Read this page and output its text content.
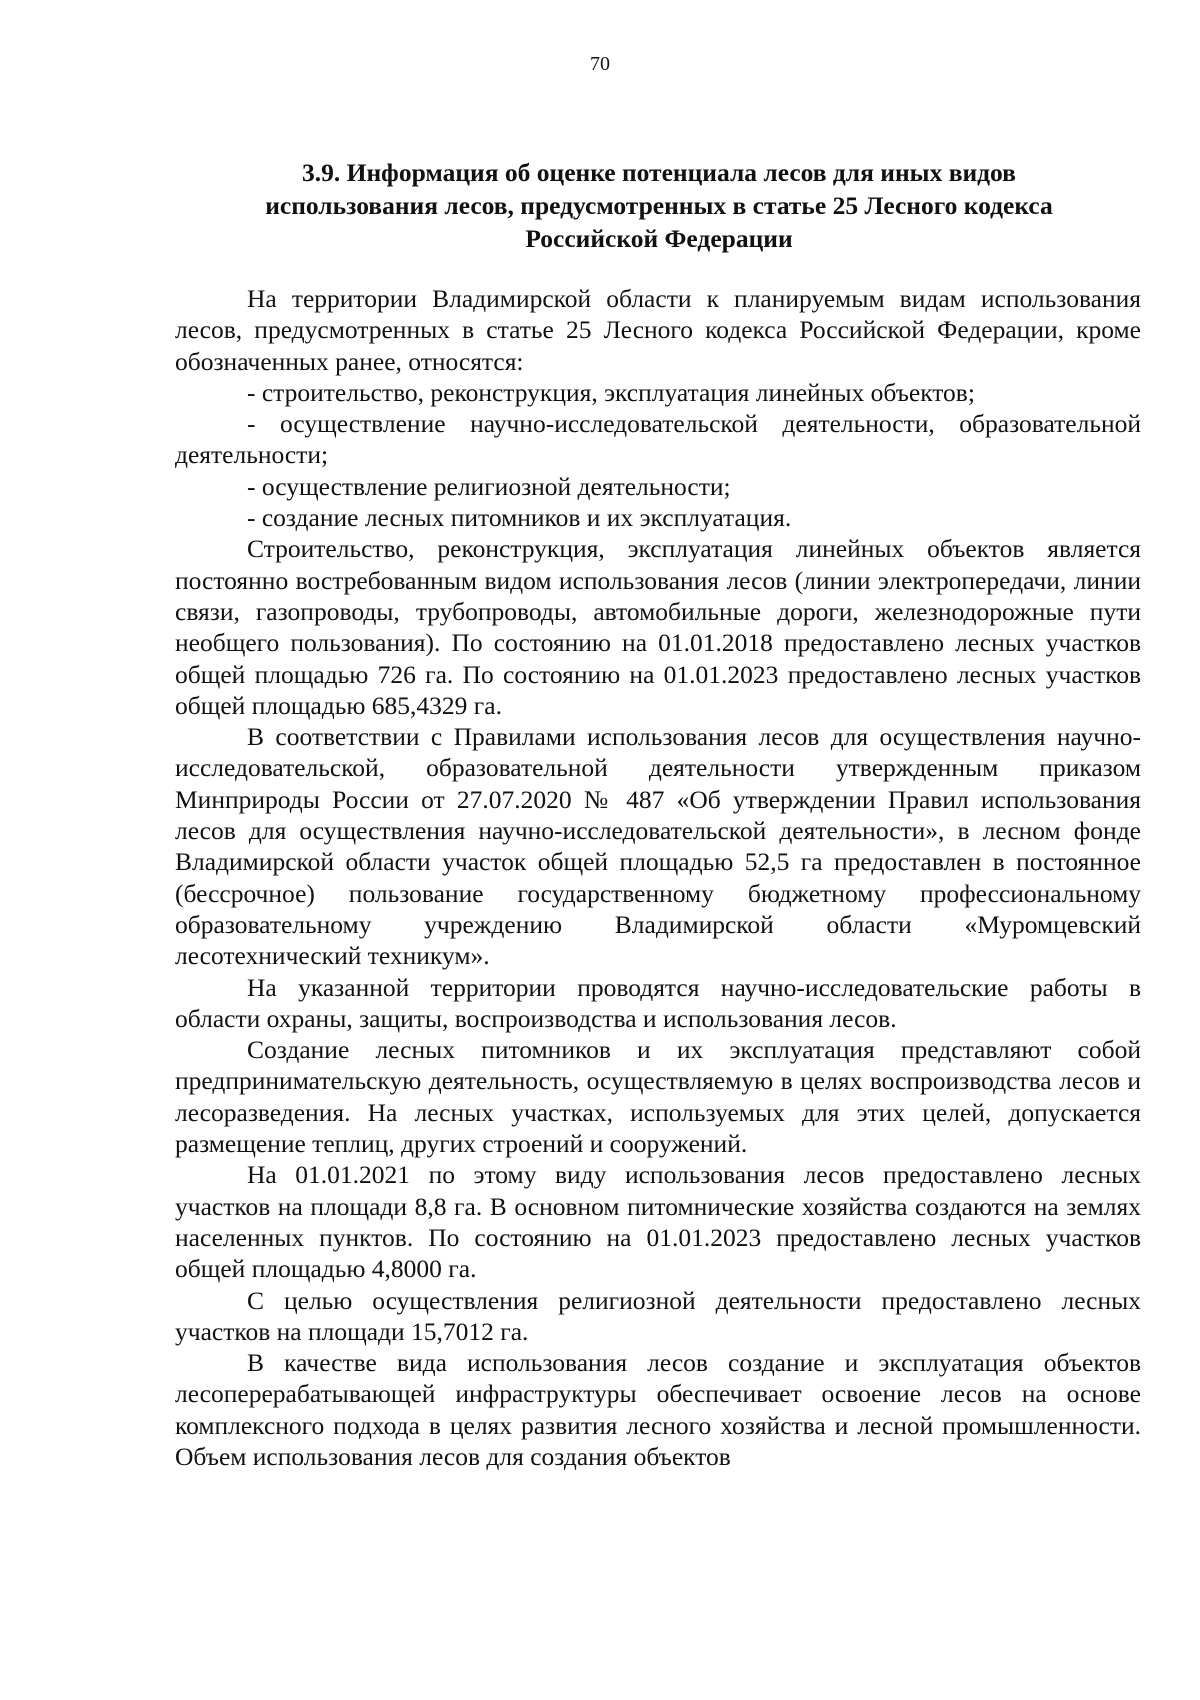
70
3.9. Информация об оценке потенциала лесов для иных видов
использования лесов, предусмотренных в статье 25 Лесного кодекса
Российской Федерации

На территории Владимирской области к планируемым видам использования лесов, предусмотренных в статье 25 Лесного кодекса Российской Федерации, кроме обозначенных ранее, относятся:

- строительство, реконструкция, эксплуатация линейных объектов;

- осуществление научно-исследовательской деятельности, образовательной деятельности;

- осуществление религиозной деятельности;

- создание лесных питомников и их эксплуатация.

Строительство, реконструкция, эксплуатация линейных объектов является постоянно востребованным видом использования лесов (линии электропередачи, линии связи, газопроводы, трубопроводы, автомобильные дороги, железнодорожные пути необщего пользования). По состоянию на 01.01.2018 предоставлено лесных участков общей площадью 726 га. По состоянию на 01.01.2023 предоставлено лесных участков общей площадью 685,4329 га.

В соответствии с Правилами использования лесов для осуществления научно-исследовательской, образовательной деятельности утвержденным приказом Минприроды России от 27.07.2020 № 487 «Об утверждении Правил использования лесов для осуществления научно-исследовательской деятельности», в лесном фонде Владимирской области участок общей площадью 52,5 га предоставлен в постоянное (бессрочное) пользование государственному бюджетному профессиональному образовательному учреждению Владимирской области «Муромцевский лесотехнический техникум».

На указанной территории проводятся научно-исследовательские работы в области охраны, защиты, воспроизводства и использования лесов.

Создание лесных питомников и их эксплуатация представляют собой предпринимательскую деятельность, осуществляемую в целях воспроизводства лесов и лесоразведения. На лесных участках, используемых для этих целей, допускается размещение теплиц, других строений и сооружений.

На 01.01.2021 по этому виду использования лесов предоставлено лесных участков на площади 8,8 га. В основном питомнические хозяйства создаются на землях населенных пунктов. По состоянию на 01.01.2023 предоставлено лесных участков общей площадью 4,8000 га.

С целью осуществления религиозной деятельности предоставлено лесных участков на площади 15,7012 га.

В качестве вида использования лесов создание и эксплуатация объектов лесоперерабатывающей инфраструктуры обеспечивает освоение лесов на основе комплексного подхода в целях развития лесного хозяйства и лесной промышленности. Объем использования лесов для создания объектов
